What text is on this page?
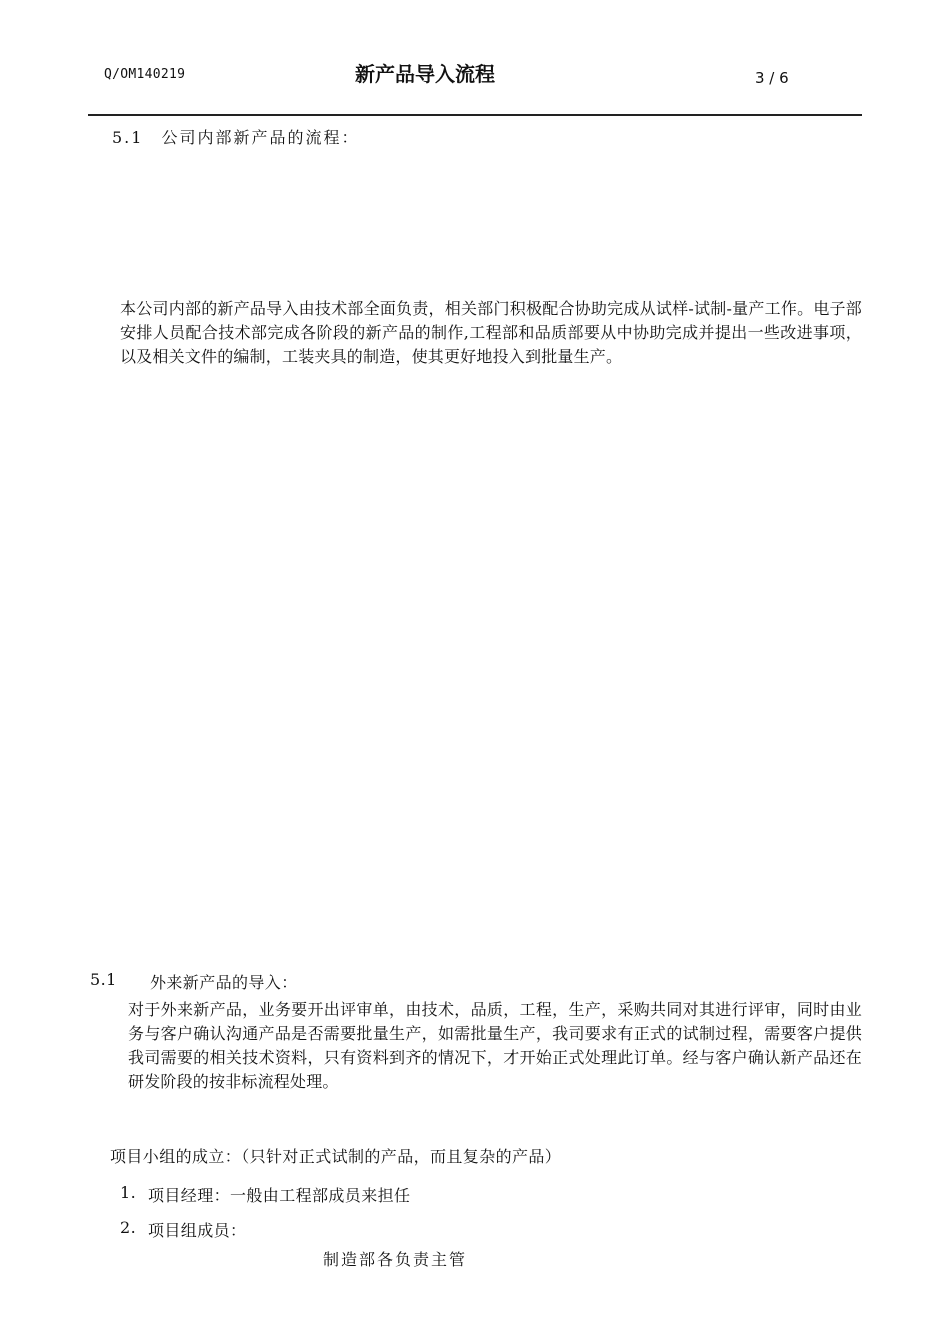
Q/OM140219	新产品导入流程	3 / 6
5.1　公司内部新产品的流程：

本公司内部的新产品导入由技术部全面负责，相关部门积极配合协助完成从试样-试制-量产工作。电子部安排人员配合技术部完成各阶段的新产品的制作,工程部和品质部要从中协助完成并提出一些改进事项，以及相关文件的编制，工装夹具的制造，使其更好地投入到批量生产。

5.1 外来新产品的导入：

对于外来新产品，业务要开出评审单，由技术，品质，工程，生产，采购共同对其进行评审，同时由业务与客户确认沟通产品是否需要批量生产，如需批量生产，我司要求有正式的试制过程，需要客户提供我司需要的相关技术资料，只有资料到齐的情况下，才开始正式处理此订单。经与客户确认新产品还在研发阶段的按非标流程处理。

项目小组的成立：（只针对正式试制的产品，而且复杂的产品）
1. 项目经理：一般由工程部成员来担任
2. 项目组成员：
制造部各负责主管
